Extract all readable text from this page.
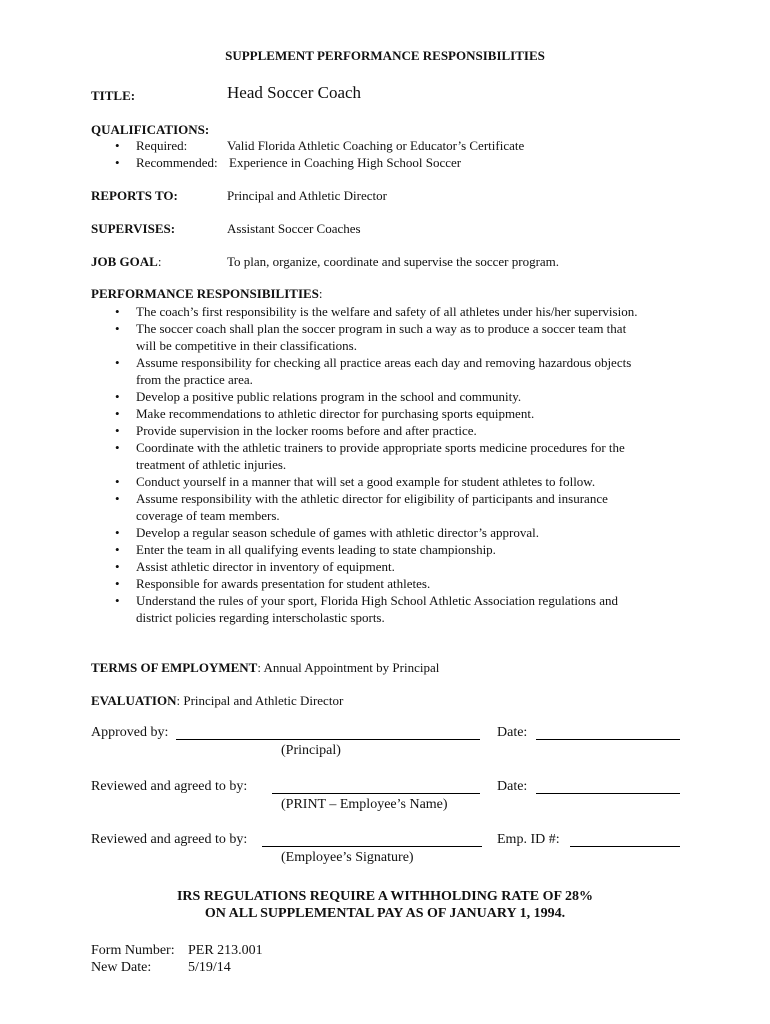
SUPPLEMENT PERFORMANCE RESPONSIBILITIES
TITLE:	Head Soccer Coach
QUALIFICATIONS:
• Required:	Valid Florida Athletic Coaching or Educator’s Certificate
• Recommended: Experience in Coaching High School Soccer
REPORTS TO:	Principal and Athletic Director
SUPERVISES:	Assistant Soccer Coaches
JOB GOAL:	To plan, organize, coordinate and supervise the soccer program.
PERFORMANCE RESPONSIBILITIES:
• The coach’s first responsibility is the welfare and safety of all athletes under his/her supervision.
• The soccer coach shall plan the soccer program in such a way as to produce a soccer team that
will be competitive in their classifications.
• Assume responsibility for checking all practice areas each day and removing hazardous objects
from the practice area.
• Develop a positive public relations program in the school and community.
• Make recommendations to athletic director for purchasing sports equipment.
• Provide supervision in the locker rooms before and after practice.
• Coordinate with the athletic trainers to provide appropriate sports medicine procedures for the
treatment of athletic injuries.
• Conduct yourself in a manner that will set a good example for student athletes to follow.
• Assume responsibility with the athletic director for eligibility of participants and insurance
coverage of team members.
• Develop a regular season schedule of games with athletic director’s approval.
• Enter the team in all qualifying events leading to state championship.
• Assist athletic director in inventory of equipment.
• Responsible for awards presentation for student athletes.
• Understand the rules of your sport, Florida High School Athletic Association regulations and
district policies regarding interscholastic sports.
TERMS OF EMPLOYMENT: Annual Appointment by Principal
EVALUATION: Principal and Athletic Director
Approved by:
(Principal)
Date:
Reviewed and agreed to by:
(PRINT – Employee’s Name)
Date:
Reviewed and agreed to by:
(Employee’s Signature)
Emp. ID #:
IRS REGULATIONS REQUIRE A WITHHOLDING RATE OF 28%
ON ALL SUPPLEMENTAL PAY AS OF JANUARY 1, 1994.
Form Number: PER 213.001
New Date:	5/19/14
